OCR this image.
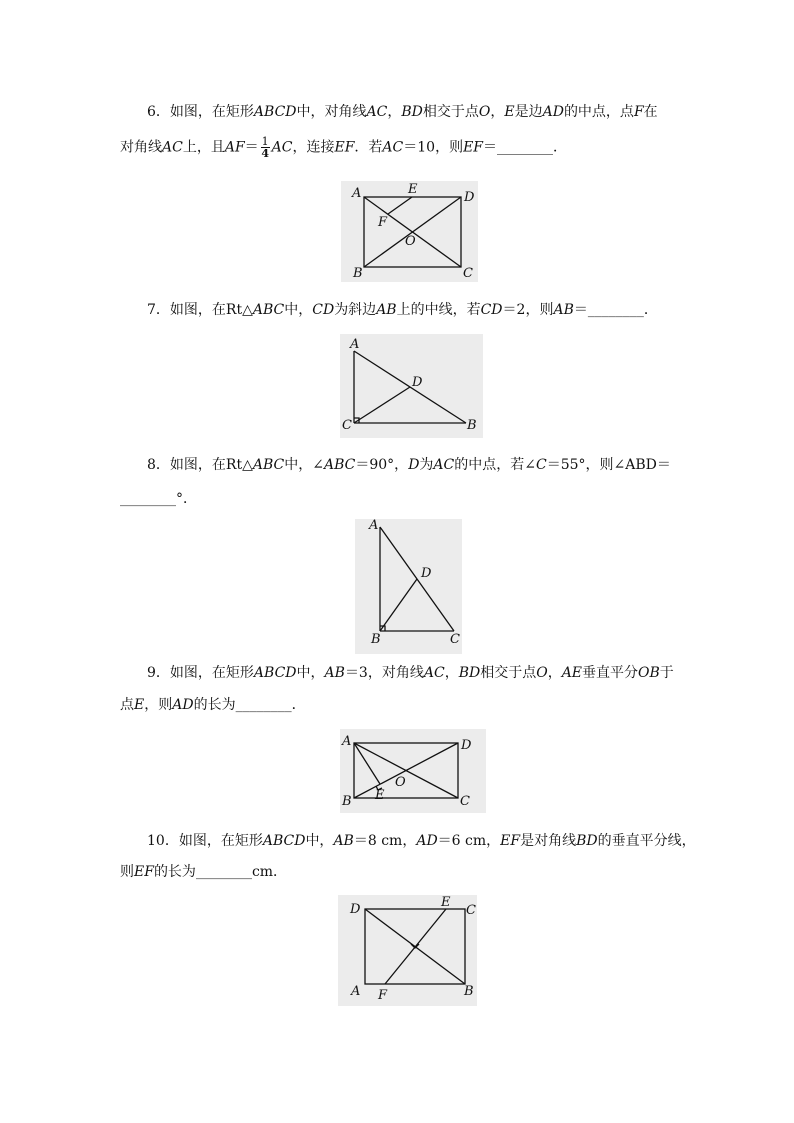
6．如图，在矩形ABCD中，对角线AC，BD相交于点O，E是边AD的中点，点F在
对角线AC上，且$AF= \frac{1}{4}$ AC，连接EF．若AC＝10，则EF＝________．
A	E
D
F
O
B	C
7．如图，在Rt△ABC中，CD为斜边AB上的中线，若CD＝2，则AB＝________．
A
D
C	B
8．如图，在Rt△ABC中，∠ABC＝90°，D为AC的中点，若∠C＝55°，则∠ABD＝
________°．
A
D
B	C
9．如图，在矩形ABCD中，AB＝3，对角线AC，BD相交于点O，AE垂直平分OB于
点E，则AD的长为________．
A	D
O
E
B	C
10．如图，在矩形ABCD中，AB＝8 cm，AD＝6 cm，EF是对角线BD的垂直平分线，
则EF的长为________cm．
D	E
C
A F	B
